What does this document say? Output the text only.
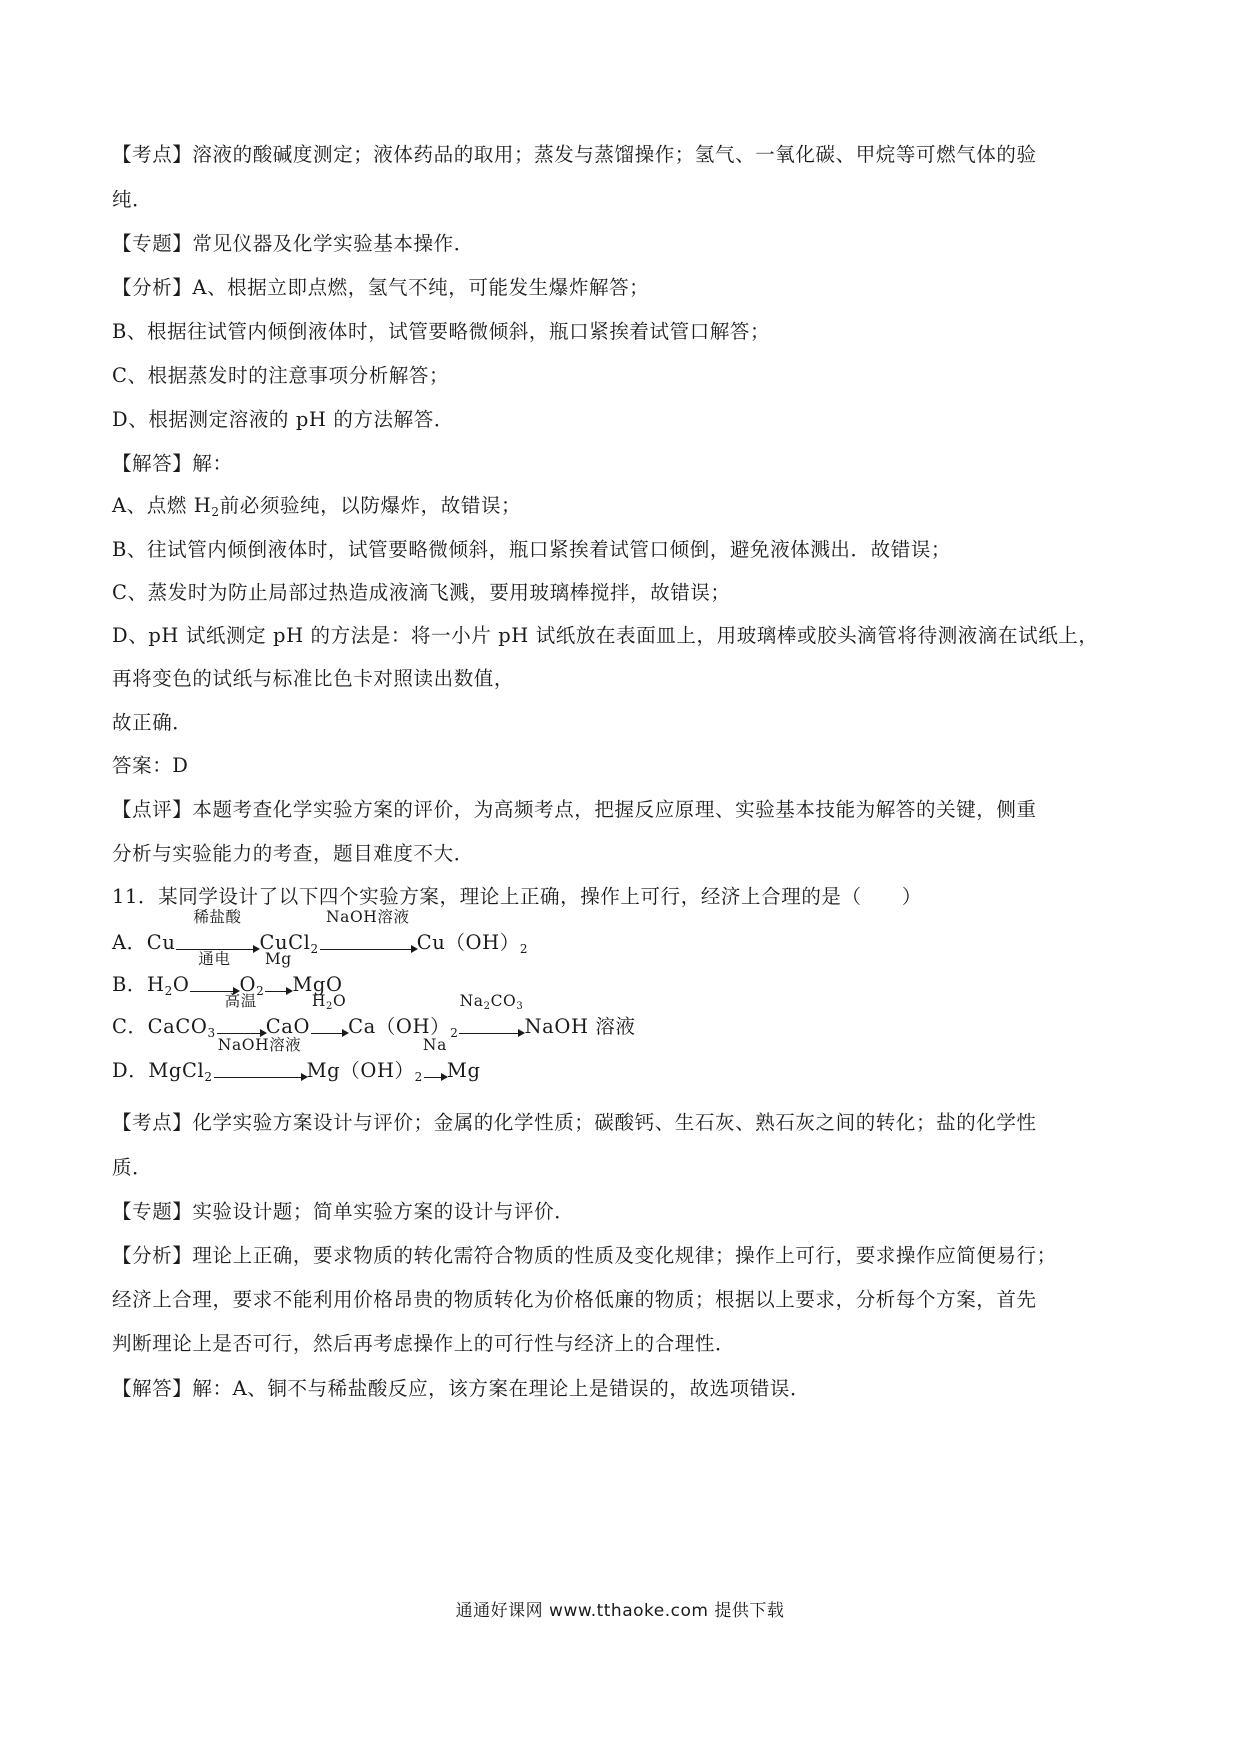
【考点】溶液的酸碱度测定；液体药品的取用；蒸发与蒸馏操作；氢气、一氧化碳、甲烷等可燃气体的验
纯．
【专题】常见仪器及化学实验基本操作．
【分析】A、根据立即点燃，氢气不纯，可能发生爆炸解答；
B、根据往试管内倾倒液体时，试管要略微倾斜，瓶口紧挨着试管口解答；
C、根据蒸发时的注意事项分析解答；
D、根据测定溶液的 pH 的方法解答．
【解答】解：
A、点燃 $H_2$前必须验纯，以防爆炸，故错误；
B、往试管内倾倒液体时，试管要略微倾斜，瓶口紧挨着试管口倾倒，避免液体溅出．故错误；
C、蒸发时为防止局部过热造成液滴飞溅，要用玻璃棒搅拌，故错误；
D、pH 试纸测定 pH 的方法是：将一小片 pH 试纸放在表面皿上，用玻璃棒或胶头滴管将待测液滴在试纸上，
再将变色的试纸与标准比色卡对照读出数值，
故正确．
答案：D
【点评】本题考查化学实验方案的评价，为高频考点，把握反应原理、实验基本技能为解答的关键，侧重
分析与实验能力的考查，题目难度不大．
11．某同学设计了以下四个实验方案，理论上正确，操作上可行，经济上合理的是（　　）
A．Cu
稀盐酸
CuCl$_2$
NaOH溶液
$Cu(OH)_2$
B．$H_2O$
通电
$O_2$
Mg
MgO
C．CaCO$_3$
高温
CaO
$H_2O$
$Ca(OH)_2$
$Na_2CO_3$
NaOH 溶液
D．MgCl$_2$
NaOH溶液
$Mg(OH)_2$
Na
Mg
【考点】化学实验方案设计与评价；金属的化学性质；碳酸钙、生石灰、熟石灰之间的转化；盐的化学性
质．
【专题】实验设计题；简单实验方案的设计与评价．
【分析】理论上正确，要求物质的转化需符合物质的性质及变化规律；操作上可行，要求操作应简便易行；
经济上合理，要求不能利用价格昂贵的物质转化为价格低廉的物质；根据以上要求，分析每个方案，首先
判断理论上是否可行，然后再考虑操作上的可行性与经济上的合理性．
【解答】解：A、铜不与稀盐酸反应，该方案在理论上是错误的，故选项错误．
通通好课网 www.tthaoke.com 提供下载
